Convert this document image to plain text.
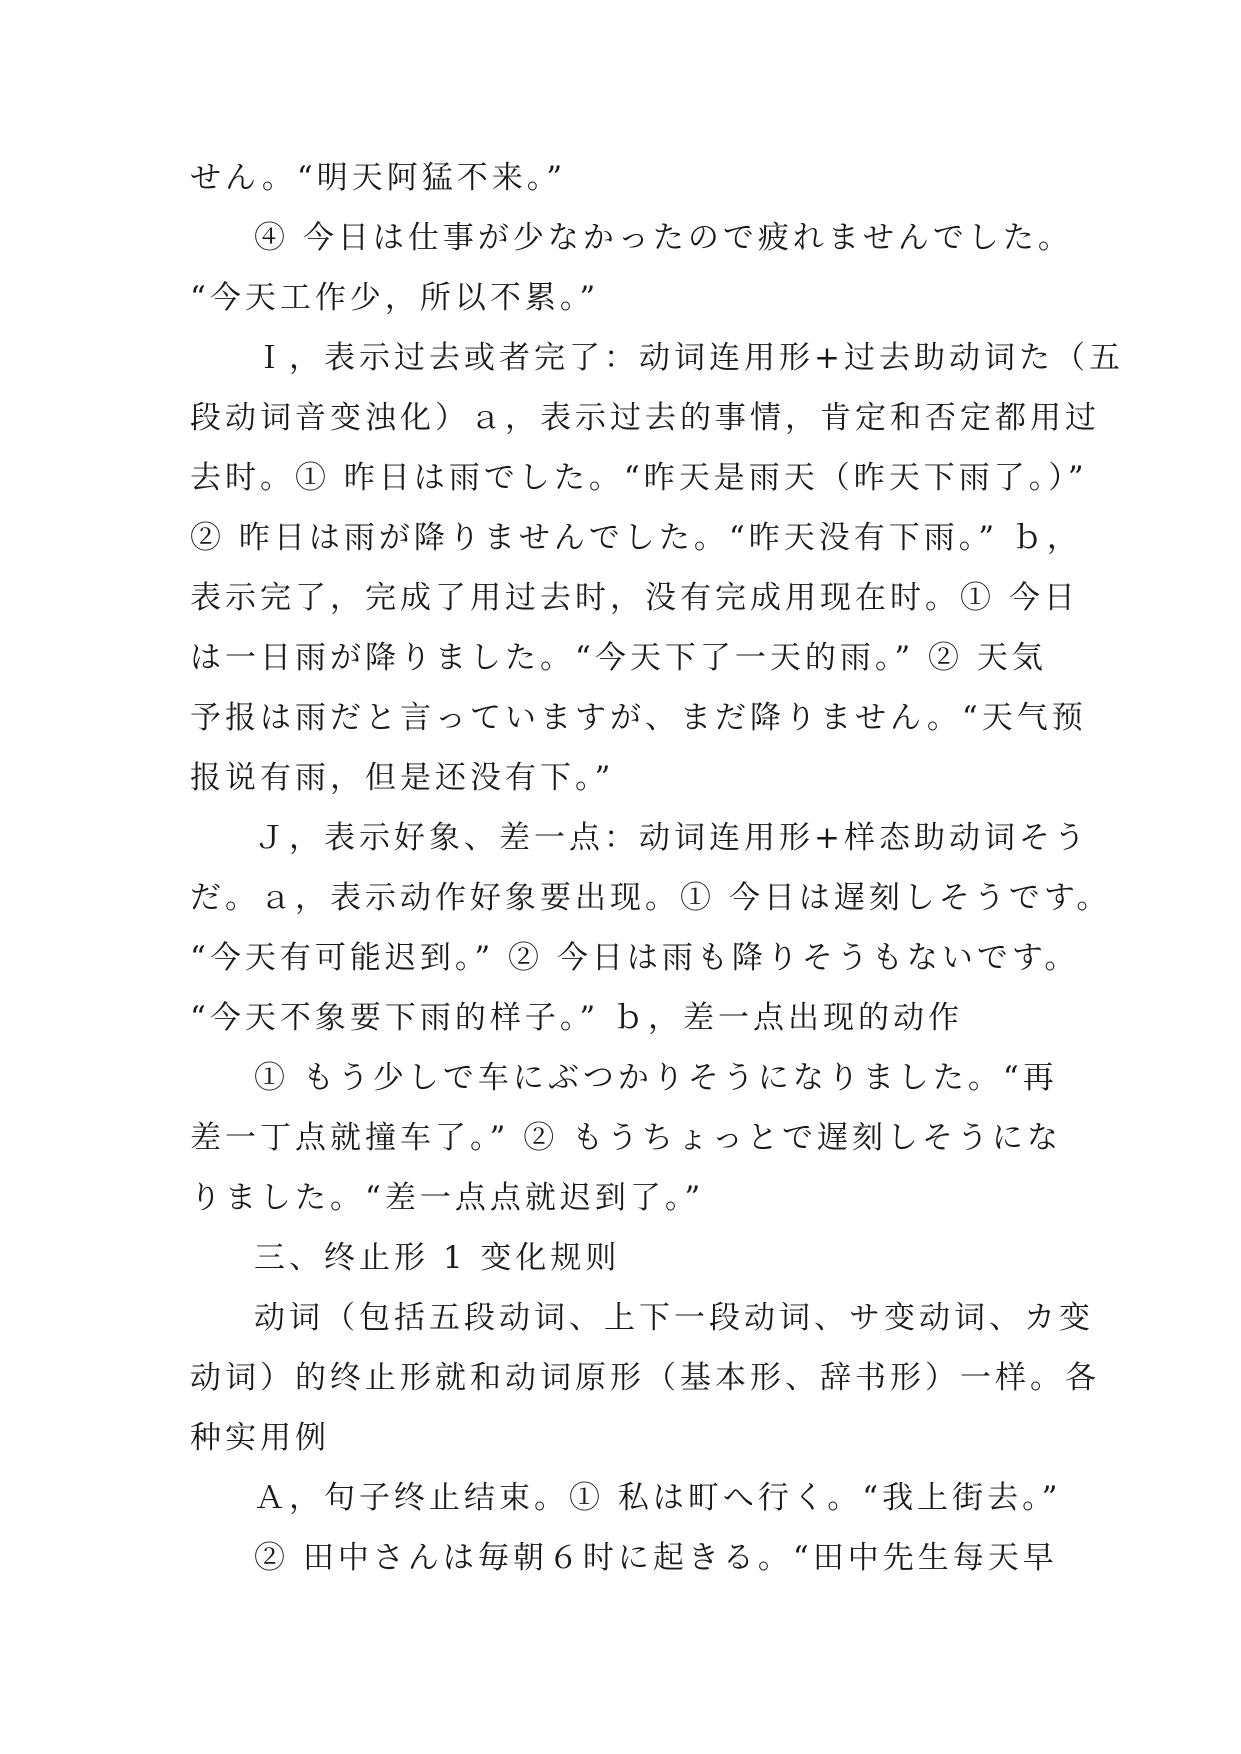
せん。“明天阿猛不来。”
④ 今日は仕事が少なかったので疲れませんでした。
“今天工作少，所以不累。”
Ｉ，表示过去或者完了：动词连用形+过去助动词た（五
段动词音变浊化）ａ，表示过去的事情，肯定和否定都用过
去时。① 昨日は雨でした。“昨天是雨天（昨天下雨了。）”
② 昨日は雨が降りませんでした。“昨天没有下雨。” ｂ，
表示完了，完成了用过去时，没有完成用现在时。① 今日
は一日雨が降りました。“今天下了一天的雨。” ② 天気
予报は雨だと言っていますが、まだ降りません。“天气预
报说有雨，但是还没有下。”
Ｊ，表示好象、差一点：动词连用形+样态助动词そう
だ。ａ，表示动作好象要出现。① 今日は遅刻しそうです。
“今天有可能迟到。” ② 今日は雨も降りそうもないです。
“今天不象要下雨的样子。” ｂ，差一点出现的动作
① もう少しで车にぶつかりそうになりました。“再
差一丁点就撞车了。” ② もうちょっとで遅刻しそうにな
りました。“差一点点就迟到了。”
三、终止形 1 变化规则
动词（包括五段动词、上下一段动词、サ变动词、カ变
动词）的终止形就和动词原形（基本形、辞书形）一样。各
种实用例
Ａ，句子终止结束。① 私は町へ行く。“我上街去。”
② 田中さんは毎朝６时に起きる。“田中先生每天早
